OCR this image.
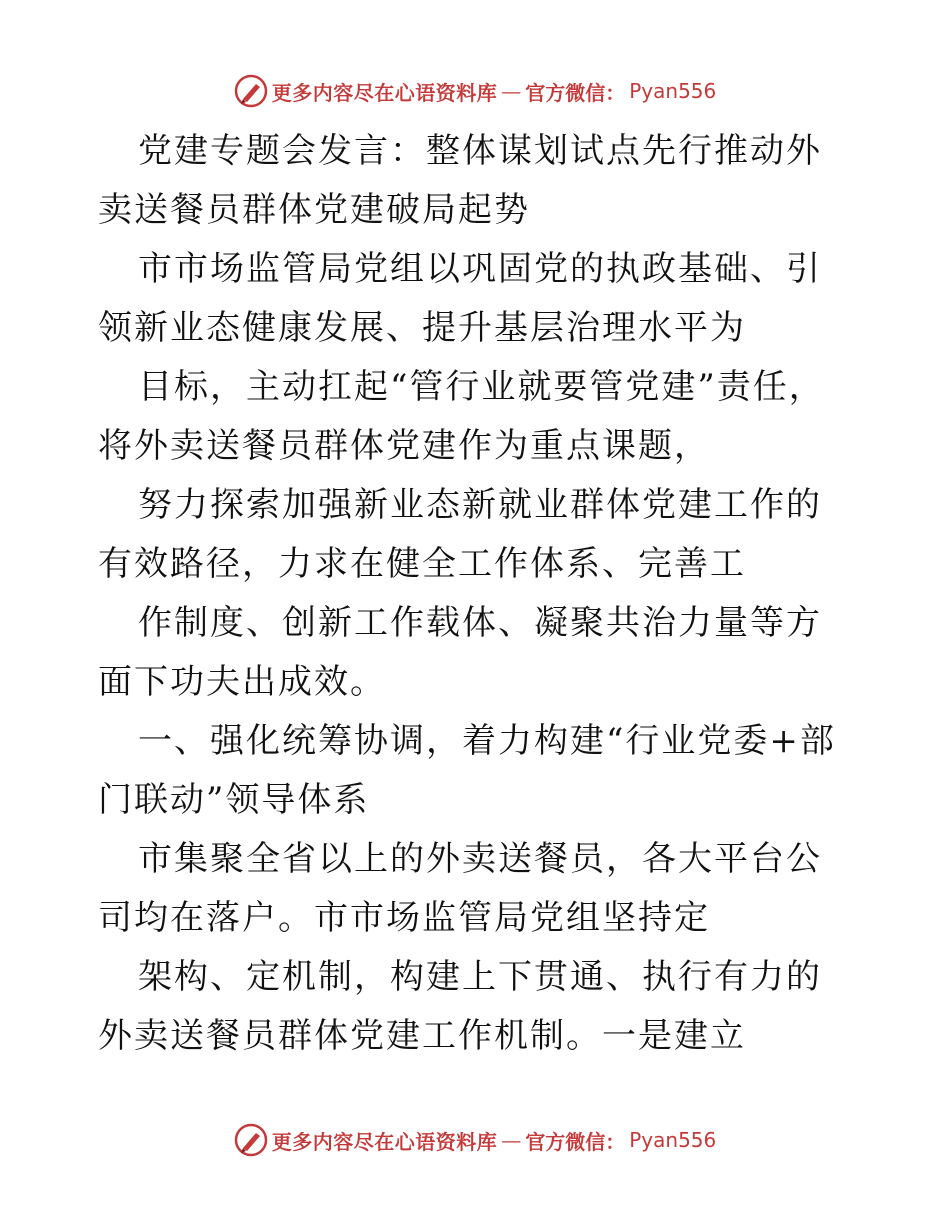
更多内容尽在心语资料库 — 官方微信： Pyan556

党建专题会发言：整体谋划试点先行推动外卖送餐员群体党建破局起势

市市场监管局党组以巩固党的执政基础、引领新业态健康发展、提升基层治理水平为

目标，主动扛起“管行业就要管党建”责任，将外卖送餐员群体党建作为重点课题，

努力探索加强新业态新就业群体党建工作的有效路径，力求在健全工作体系、完善工

作制度、创新工作载体、凝聚共治力量等方面下功夫出成效。

一、强化统筹协调，着力构建“行业党委+部门联动”领导体系

市集聚全省以上的外卖送餐员，各大平台公司均在落户。市市场监管局党组坚持定

架构、定机制，构建上下贯通、执行有力的外卖送餐员群体党建工作机制。一是建立

更多内容尽在心语资料库 — 官方微信： Pyan556
